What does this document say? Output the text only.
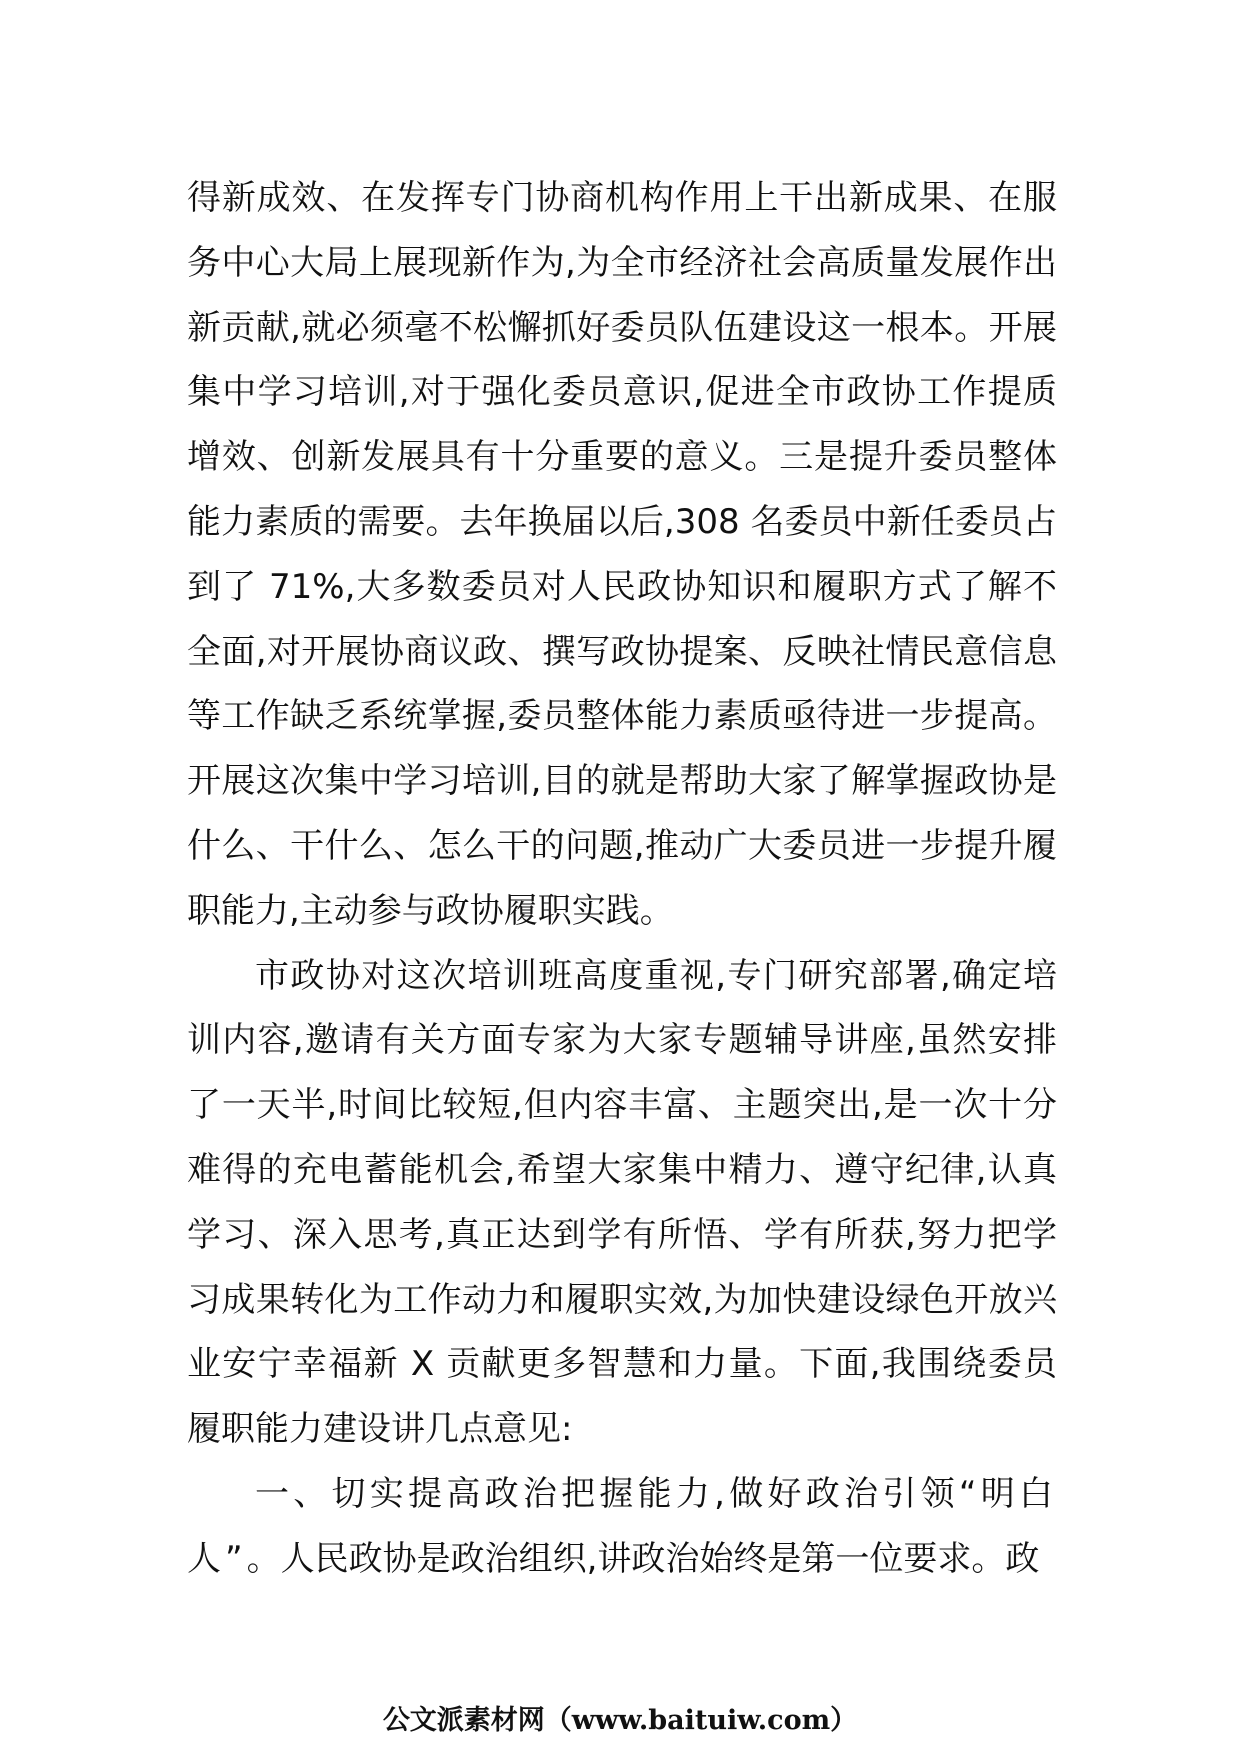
得新成效、在发挥专门协商机构作用上干出新成果、在服务中心大局上展现新作为,为全市经济社会高质量发展作出新贡献,就必须毫不松懈抓好委员队伍建设这一根本。开展集中学习培训,对于强化委员意识,促进全市政协工作提质增效、创新发展具有十分重要的意义。三是提升委员整体能力素质的需要。去年换届以后,308 名委员中新任委员占到了 71%,大多数委员对人民政协知识和履职方式了解不全面,对开展协商议政、撰写政协提案、反映社情民意信息等工作缺乏系统掌握,委员整体能力素质亟待进一步提高。开展这次集中学习培训,目的就是帮助大家了解掌握政协是什么、干什么、怎么干的问题,推动广大委员进一步提升履职能力,主动参与政协履职实践。

市政协对这次培训班高度重视,专门研究部署,确定培训内容,邀请有关方面专家为大家专题辅导讲座,虽然安排了一天半,时间比较短,但内容丰富、主题突出,是一次十分难得的充电蓄能机会,希望大家集中精力、遵守纪律,认真学习、深入思考,真正达到学有所悟、学有所获,努力把学习成果转化为工作动力和履职实效,为加快建设绿色开放兴业安宁幸福新 X 贡献更多智慧和力量。下面,我围绕委员履职能力建设讲几点意见:

一、切实提高政治把握能力,做好政治引领“明白人”。人民政协是政治组织,讲政治始终是第一位要求。政

公文派素材网（www.baituiw.com）
